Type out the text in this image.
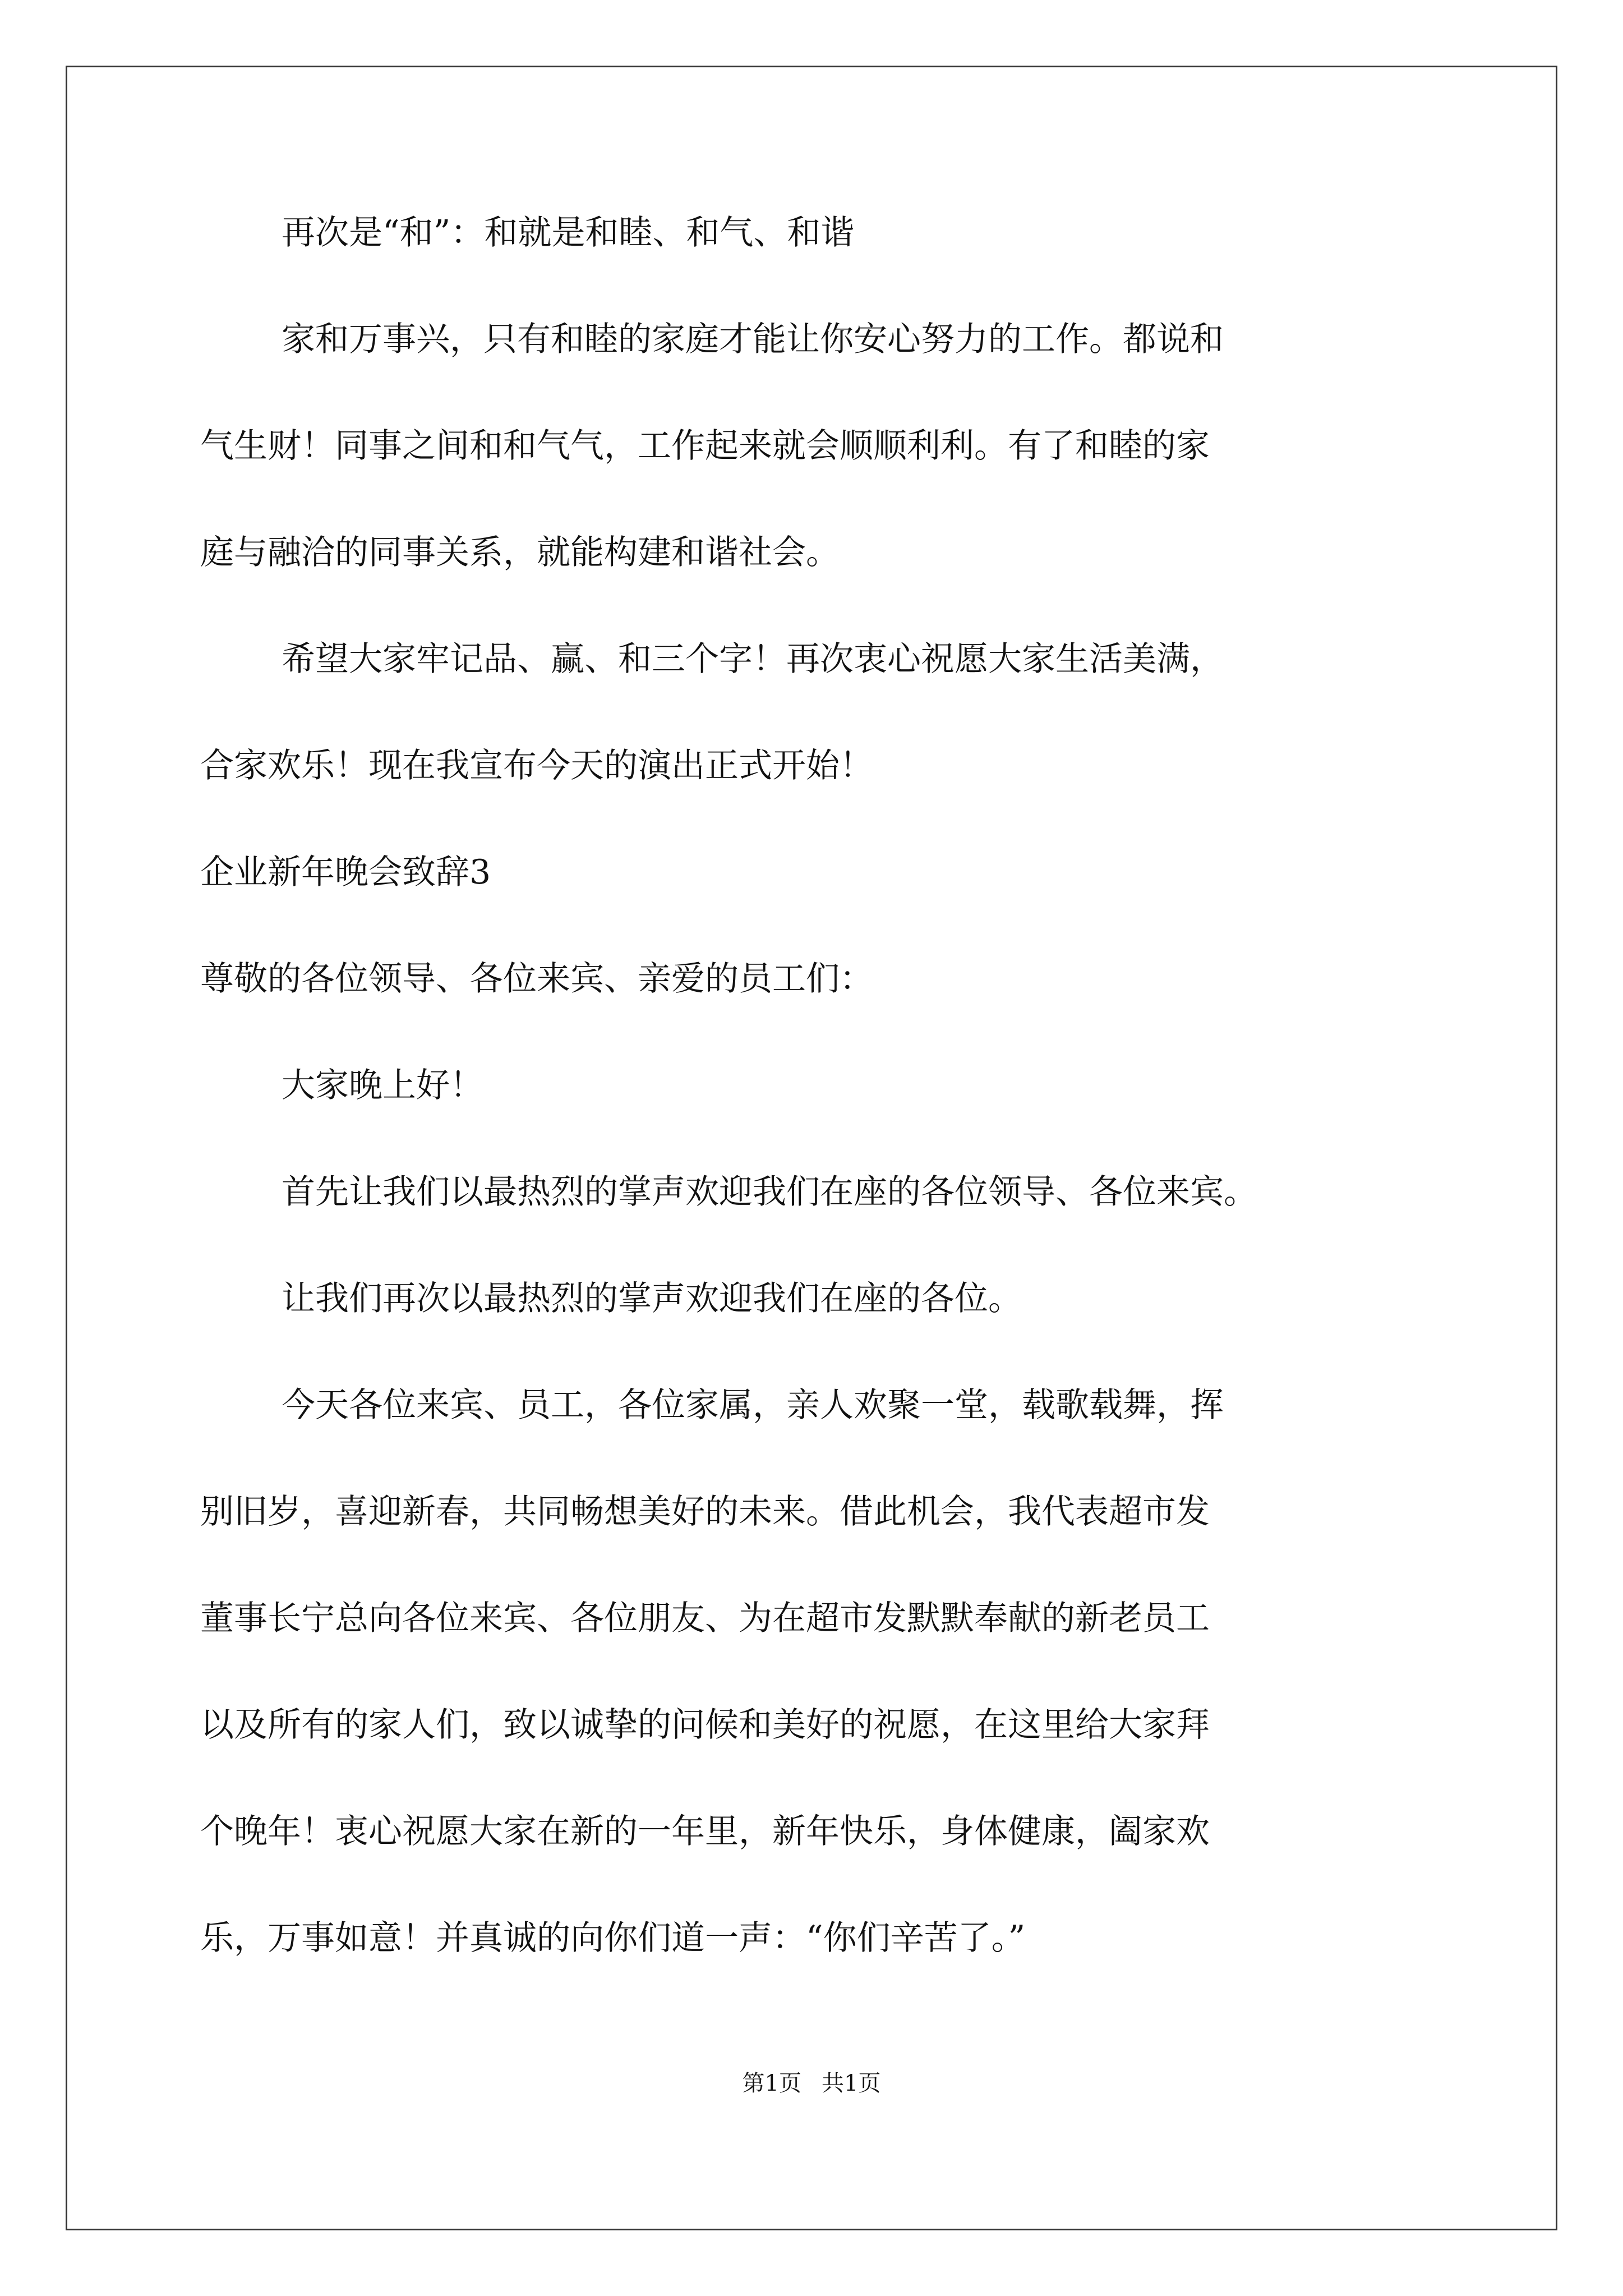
再次是“和”：和就是和睦、和气、和谐
家和万事兴，只有和睦的家庭才能让你安心努力的工作。都说和
气生财！同事之间和和气气，工作起来就会顺顺利利。有了和睦的家
庭与融洽的同事关系，就能构建和谐社会。
希望大家牢记品、赢、和三个字！再次衷心祝愿大家生活美满，
合家欢乐！现在我宣布今天的演出正式开始！
企业新年晚会致辞3
尊敬的各位领导、各位来宾、亲爱的员工们：
大家晚上好！
首先让我们以最热烈的掌声欢迎我们在座的各位领导、各位来宾。
让我们再次以最热烈的掌声欢迎我们在座的各位。
今天各位来宾、员工，各位家属，亲人欢聚一堂，载歌载舞，挥
别旧岁，喜迎新春，共同畅想美好的未来。借此机会，我代表超市发
董事长宁总向各位来宾、各位朋友、为在超市发默默奉献的新老员工
以及所有的家人们，致以诚挚的问候和美好的祝愿，在这里给大家拜
个晚年！衷心祝愿大家在新的一年里，新年快乐，身体健康，阖家欢
乐，万事如意！并真诚的向你们道一声：“你们辛苦了。”
第1页 共1页
